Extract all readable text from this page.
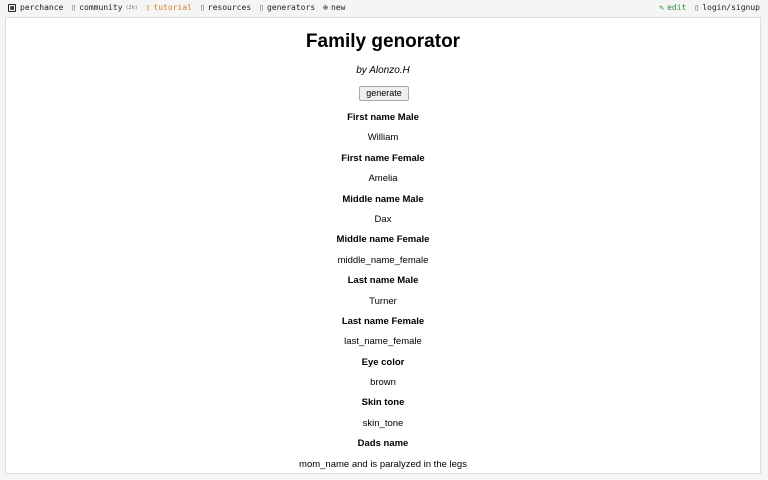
perchance ▯ community (2h) ▯ tutorial ▯ resources ▯ generators ⊕ new	✎ edit ▯ login/signup
Family genorator
by Alonzo.H
generate
First name Male
William
First name Female
Amelia
Middle name Male
Dax
Middle name Female
middle_name_female
Last name Male
Turner
Last name Female
last_name_female
Eye color
brown
Skin tone
skin_tone
Dads name
mom_name and is paralyzed in the legs
